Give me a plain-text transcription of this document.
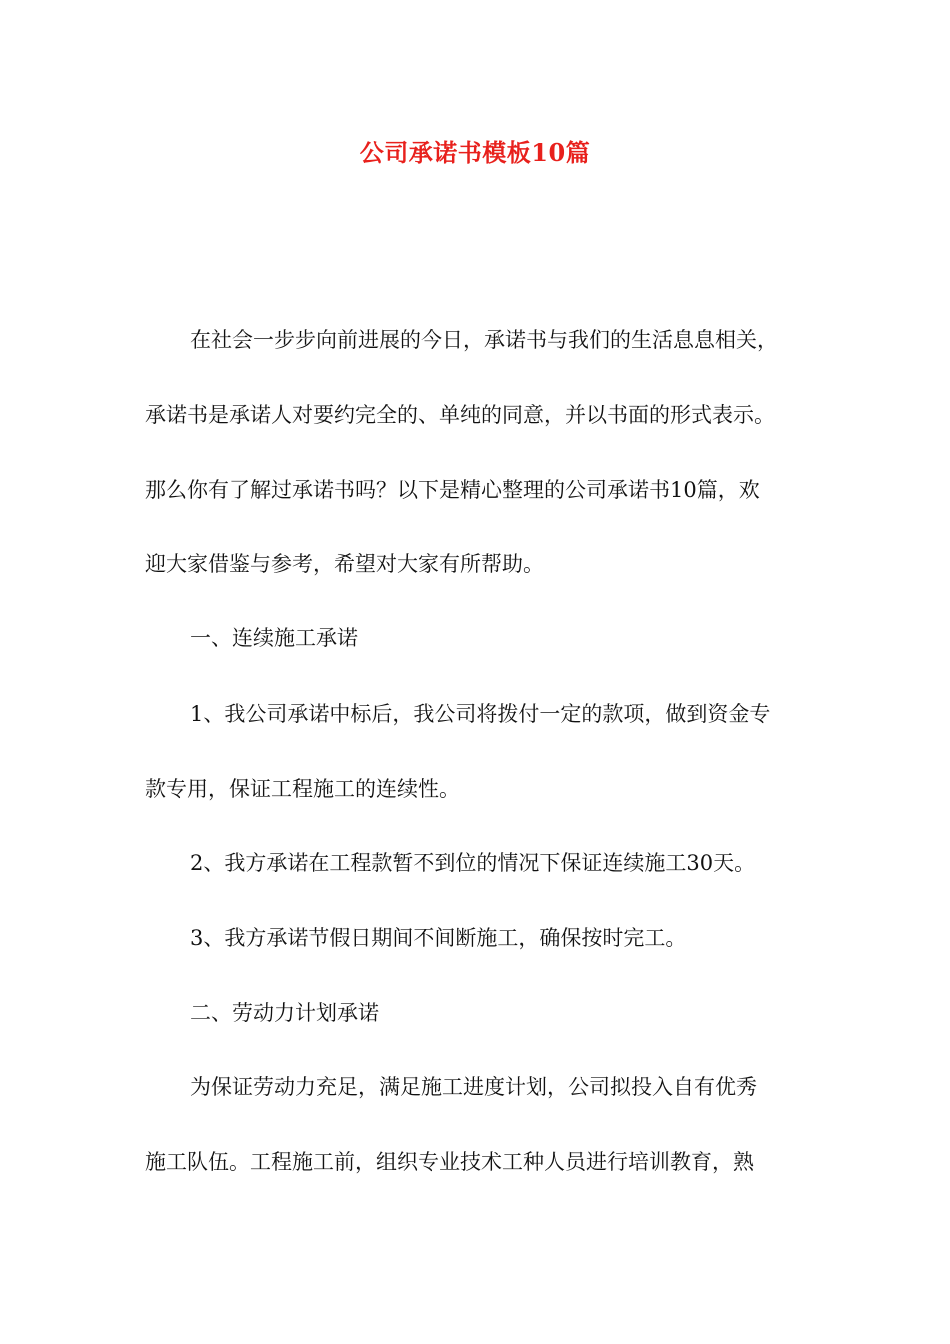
公司承诺书模板10篇
在社会一步步向前进展的今日，承诺书与我们的生活息息相关，
承诺书是承诺人对要约完全的、单纯的同意，并以书面的形式表示。
那么你有了解过承诺书吗？以下是精心整理的公司承诺书10篇，欢
迎大家借鉴与参考，希望对大家有所帮助。
一、连续施工承诺
1、我公司承诺中标后，我公司将拨付一定的款项，做到资金专
款专用，保证工程施工的连续性。
2、我方承诺在工程款暂不到位的情况下保证连续施工30天。
3、我方承诺节假日期间不间断施工，确保按时完工。
二、劳动力计划承诺
为保证劳动力充足，满足施工进度计划，公司拟投入自有优秀
施工队伍。工程施工前，组织专业技术工种人员进行培训教育，熟
